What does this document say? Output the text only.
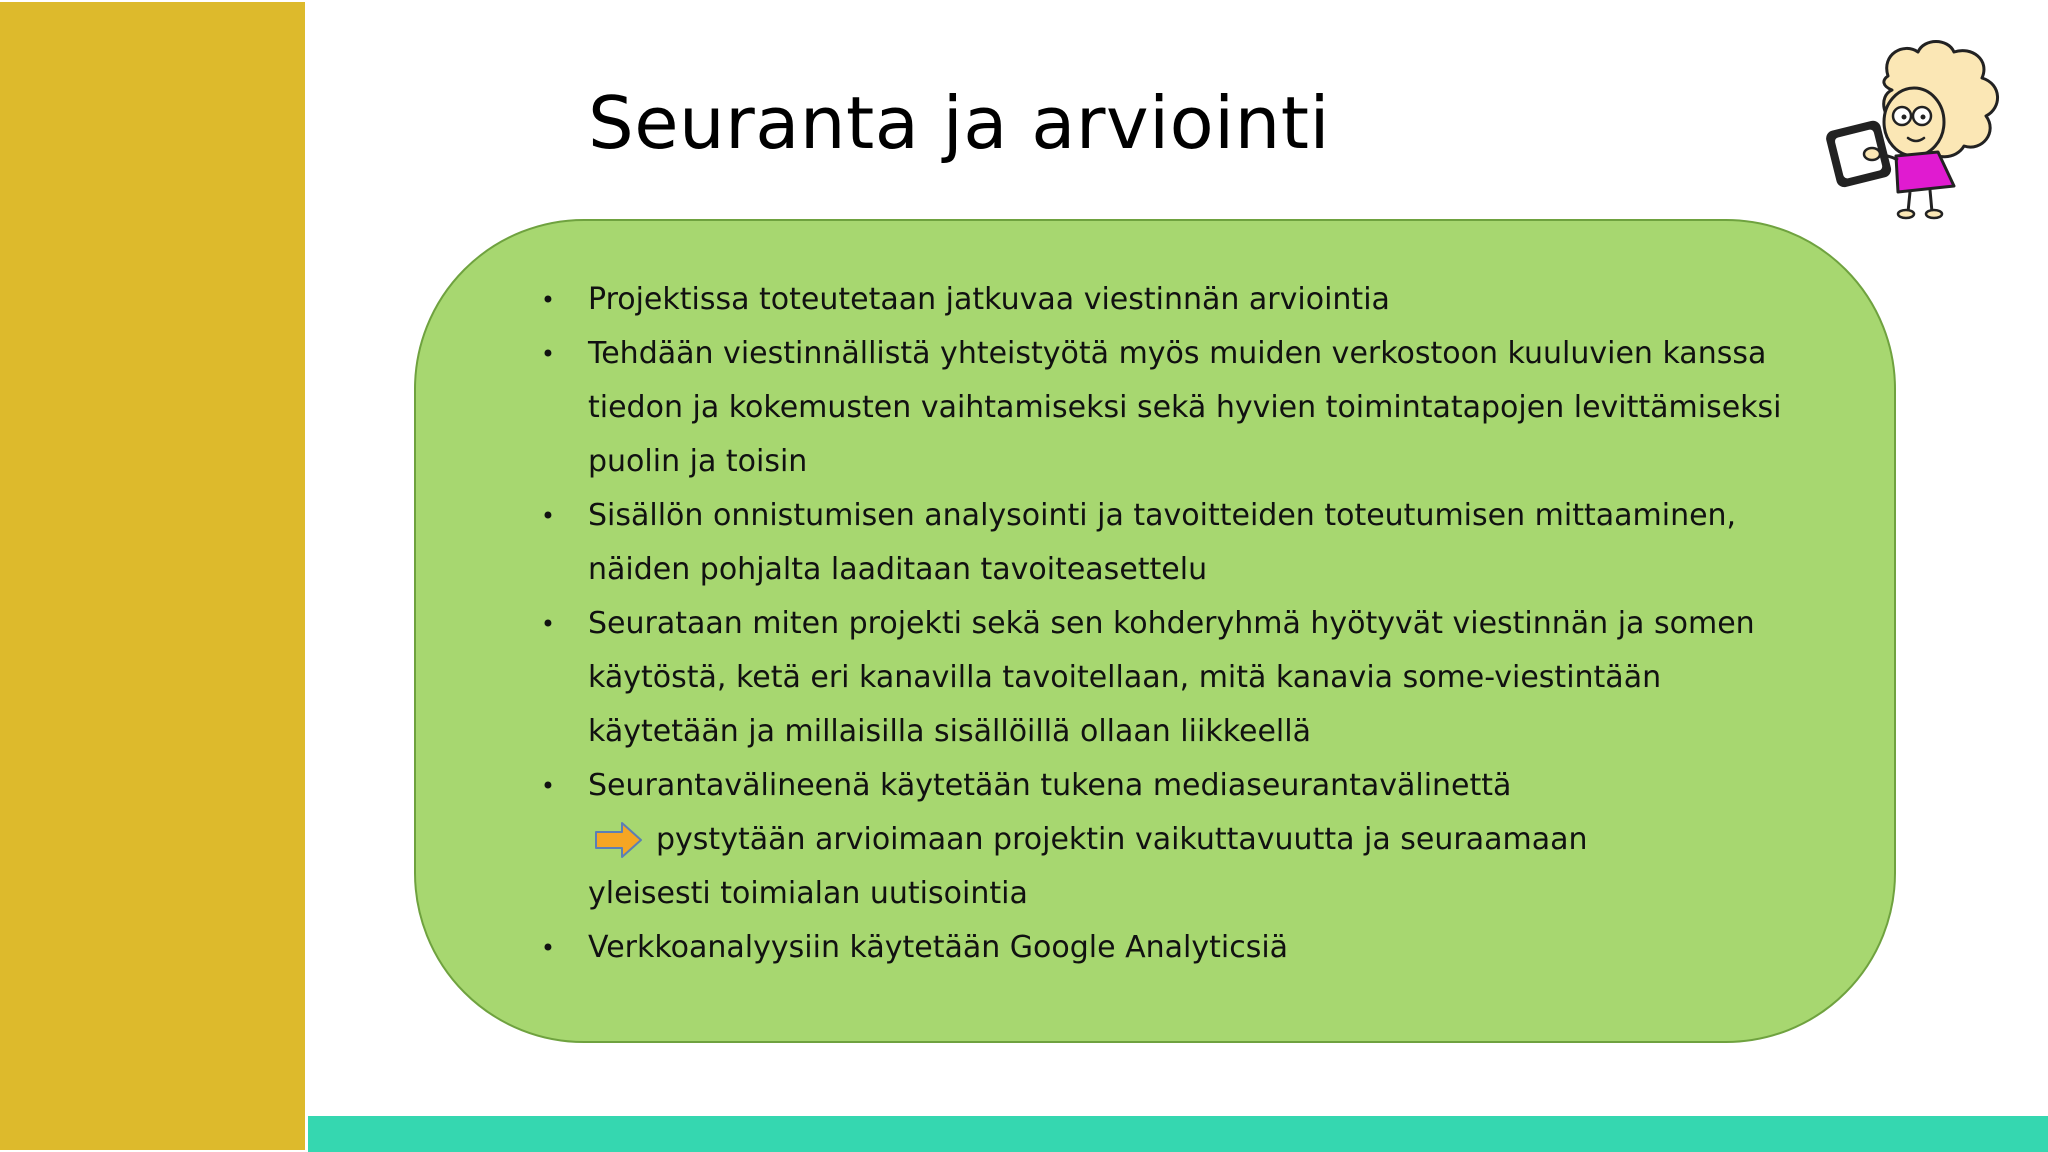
Seuranta ja arviointi
• Projektissa toteutetaan jatkuvaa viestinnän arviointia
• Tehdään viestinnällistä yhteistyötä myös muiden verkostoon kuuluvien kanssa
tiedon ja kokemusten vaihtamiseksi sekä hyvien toimintatapojen levittämiseksi
puolin ja toisin
• Sisällön onnistumisen analysointi ja tavoitteiden toteutumisen mittaaminen,
näiden pohjalta laaditaan tavoiteasettelu
• Seurataan miten projekti sekä sen kohderyhmä hyötyvät viestinnän ja somen
käytöstä, ketä eri kanavilla tavoitellaan, mitä kanavia some-viestintään
käytetään ja millaisilla sisällöillä ollaan liikkeellä
• Seurantavälineenä käytetään tukena mediaseurantavälinettä
pystytään arvioimaan projektin vaikuttavuutta ja seuraamaan
yleisesti toimialan uutisointia
• Verkkoanalyysiin käytetään Google Analyticsiä
